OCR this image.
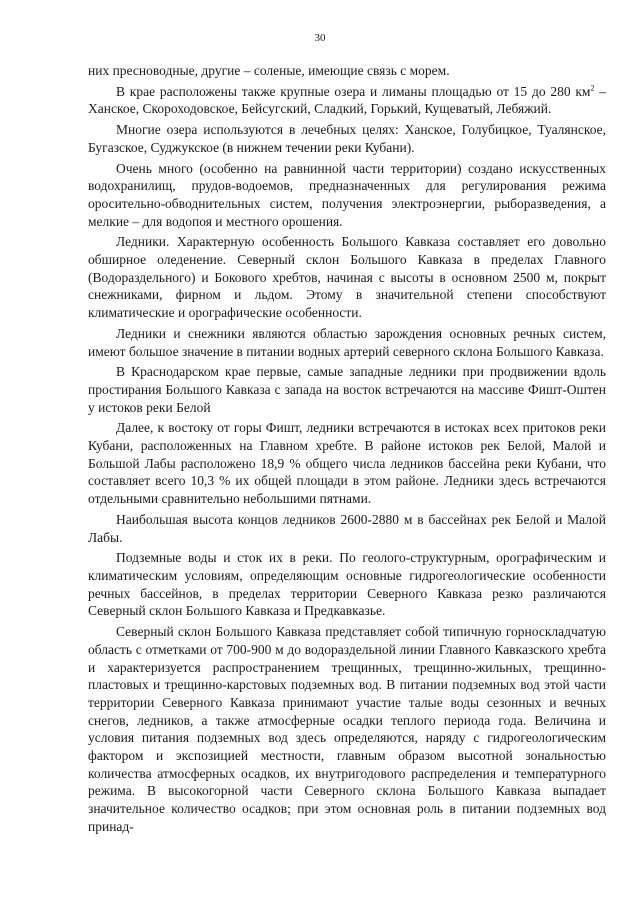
30

них пресноводные, другие – соленые, имеющие связь с морем.

В крае расположены также крупные озера и лиманы площадью от 15 до 280 $км^2$ – Ханское, Скороходовское, Бейсугский, Сладкий, Горький, Кущеватый, Лебяжий.

Многие озера используются в лечебных целях: Ханское, Голубицкое, Туалянское, Бугазское, Суджукское (в нижнем течении реки Кубани).

Очень много (особенно на равнинной части территории) создано искусственных водохранилищ, прудов-водоемов, предназначенных для регулирования режима оросительно-обводнительных систем, получения электроэнергии, рыборазведения, а мелкие – для водопоя и местного орошения.

Ледники. Характерную особенность Большого Кавказа составляет его довольно обширное оледенение. Северный склон Большого Кавказа в пределах Главного (Водораздельного) и Бокового хребтов, начиная с высоты в основном 2500 м, покрыт снежниками, фирном и льдом. Этому в значительной степени способствуют климатические и орографические особенности.

Ледники и снежники являются областью зарождения основных речных систем, имеют большое значение в питании водных артерий северного склона Большого Кавказа.

В Краснодарском крае первые, самые западные ледники при продвижении вдоль простирания Большого Кавказа с запада на восток встречаются на массиве Фишт-Оштен у истоков реки Белой

Далее, к востоку от горы Фишт, ледники встречаются в истоках всех притоков реки Кубани, расположенных на Главном хребте. В районе истоков рек Белой, Малой и Большой Лабы расположено 18,9 % общего числа ледников бассейна реки Кубани, что составляет всего 10,3 % их общей площади в этом районе. Ледники здесь встречаются отдельными сравнительно небольшими пятнами.

Наибольшая высота концов ледников 2600-2880 м в бассейнах рек Белой и Малой Лабы.

Подземные воды и сток их в реки. По геолого-структурным, орографическим и климатическим условиям, определяющим основные гидрогеологические особенности речных бассейнов, в пределах территории Северного Кавказа резко различаются Северный склон Большого Кавказа и Предкавказье.

Северный склон Большого Кавказа представляет собой типичную горноскладчатую область с отметками от 700-900 м до водораздельной линии Главного Кавказского хребта и характеризуется распространением трещинных, трещинно-жильных, трещинно-пластовых и трещинно-карстовых подземных вод. В питании подземных вод этой части территории Северного Кавказа принимают участие талые воды сезонных и вечных снегов, ледников, а также атмосферные осадки теплого периода года. Величина и условия питания подземных вод здесь определяются, наряду с гидрогеологическим фактором и экспозицией местности, главным образом высотной зональностью количества атмосферных осадков, их внутригодового распределения и температурного режима. В высокогорной части Северного склона Большого Кавказа выпадает значительное количество осадков; при этом основная роль в питании подземных вод принад-
